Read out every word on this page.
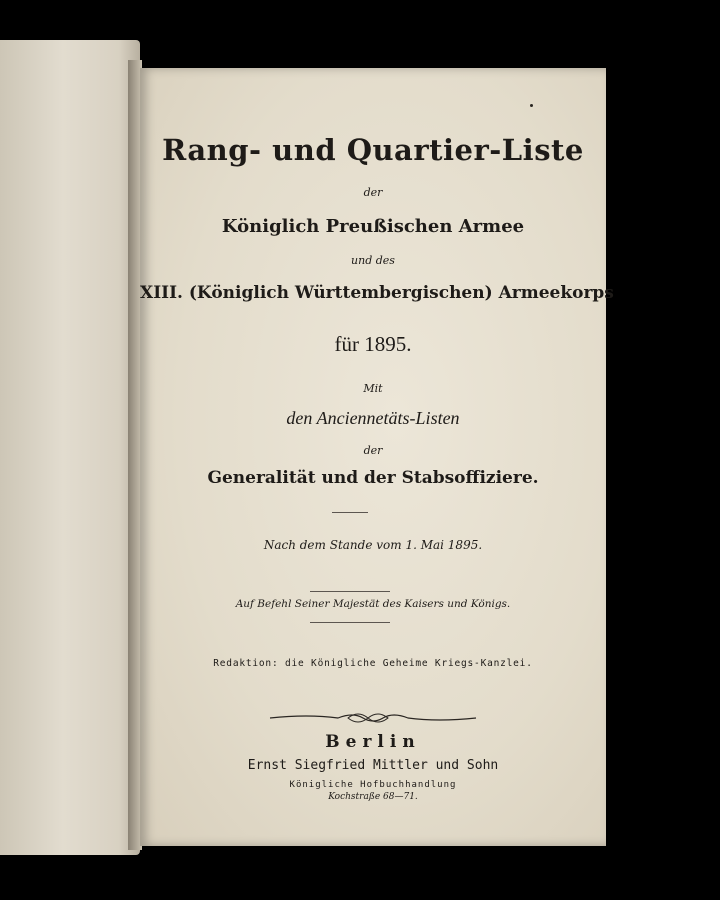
Rang- und Quartier-Liste
der
Königlich Preußischen Armee
und des
XIII. (Königlich Württembergischen) Armeekorps
für 1895.
Mit
den Anciennetäts-Listen
der
Generalität und der Stabsoffiziere.
Nach dem Stande vom 1. Mai 1895.
Auf Befehl Seiner Majestät des Kaisers und Königs.
Redaktion: die Königliche Geheime Kriegs-Kanzlei.
Berlin
Ernst Siegfried Mittler und Sohn
Königliche Hofbuchhandlung
Kochstraße 68—71.
